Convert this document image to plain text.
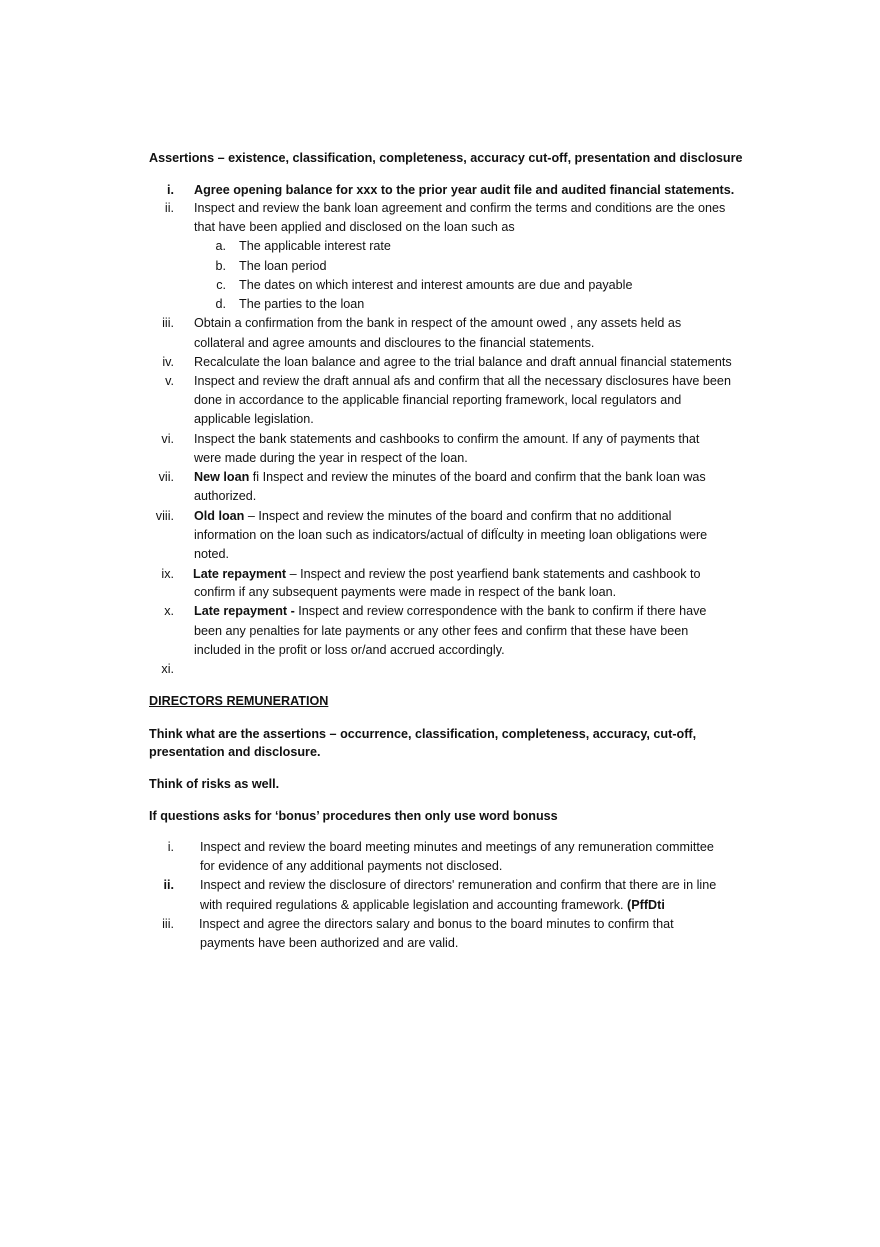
Assertions – existence, classification, completeness, accuracy cut-off, presentation and disclosure
i. Agree opening balance for xxx to the prior year audit file and audited financial statements.
ii. Inspect and review the bank loan agreement and confirm the terms and conditions are the ones
that have been applied and disclosed on the loan such as
a. The applicable interest rate
b. The loan period
c. The dates on which interest and interest amounts are due and payable
d. The parties to the loan
iii. Obtain a confirmation from the bank in respect of the amount owed , any assets held as
collateral and agree amounts and discloures to the financial statements.
iv. Recalculate the loan balance and agree to the trial balance and draft annual financial statements
v. Inspect and review the draft annual afs and confirm that all the necessary disclosures have been
done in accordance to the applicable financial reporting framework, local regulators and
applicable legislation.
vi. Inspect the bank statements and cashbooks to confirm the amount. If any of payments that
were made during the year in respect of the loan.
vii. New loan ﬁ Inspect and review the minutes of the board and confirm that the bank loan was
authorized.
viii. Old loan – Inspect and review the minutes of the board and confirm that no additional
information on the loan such as indicators/actual of difÏculty in meeting loan obligations were
noted.
ix. Late repayment – Inspect and review the post yearﬁend bank statements and cashbook to
confirm if any subsequent payments were made in respect of the bank loan.
x. Late repayment - Inspect and review correspondence with the bank to confirm if there have
been any penalties for late payments or any other fees and confirm that these have been
included in the profit or loss or/and accrued accordingly.
xi.
DIRECTORS REMUNERATION
Think what are the assertions – occurrence, classification, completeness, accuracy, cut-off,
presentation and disclosure.
Think of risks as well.
If questions asks for ‘bonus’ procedures then only use word bonuss
i. Inspect and review the board meeting minutes and meetings of any remuneration committee
for evidence of any additional payments not disclosed.
ii. Inspect and review the disclosure of directors' remuneration and confirm that there are in line
with required regulations & applicable legislation and accounting framework. (PffDti
iii. Inspect and agree the directors salary and bonus to the board minutes to confirm that
payments have been authorized and are valid.
